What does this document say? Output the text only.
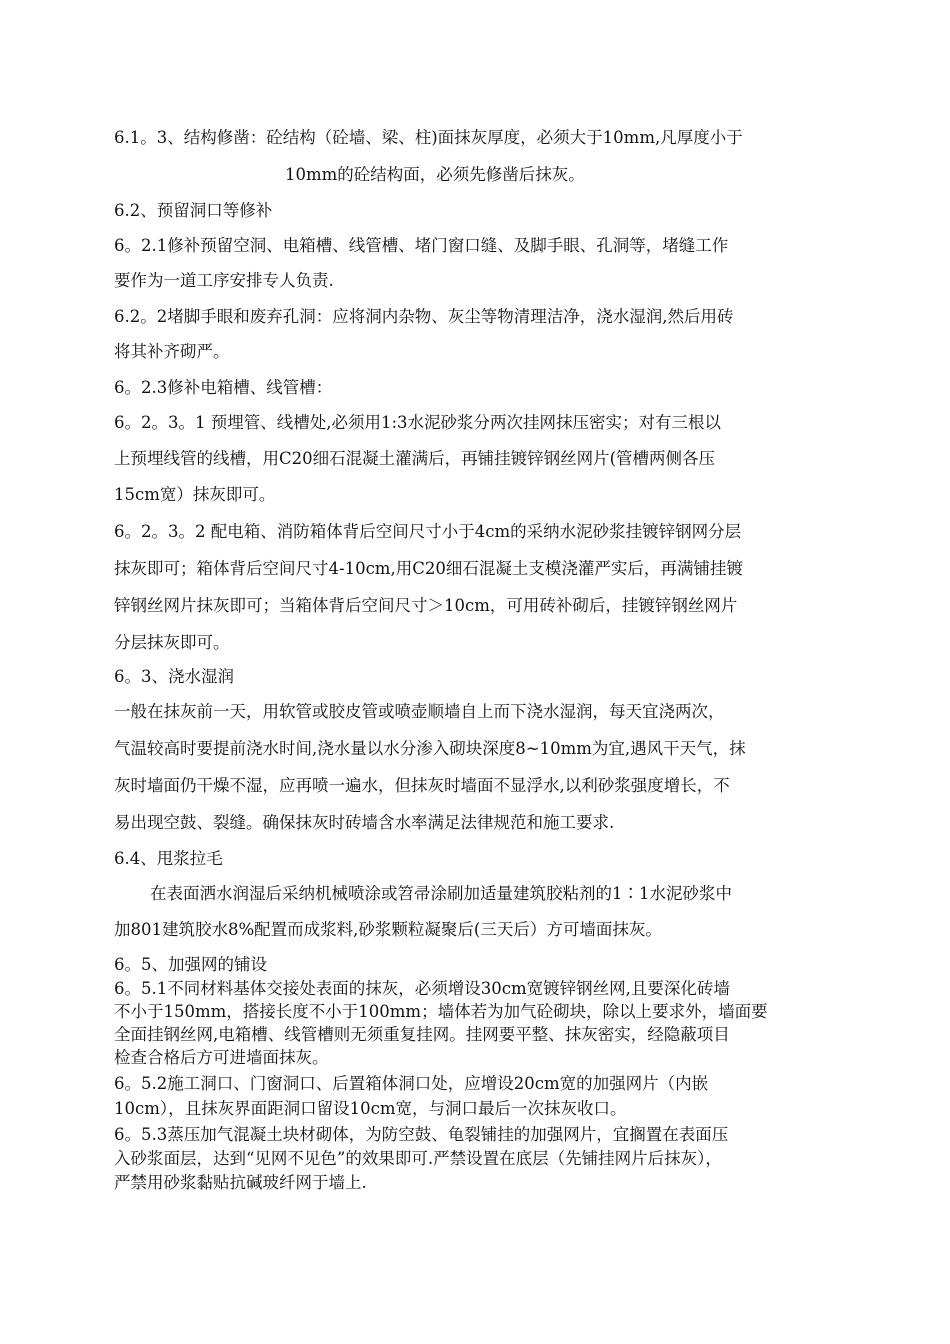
6.1。3、结构修凿：砼结构（砼墙、梁、柱)面抹灰厚度，必须大于10mm,凡厚度小于
10mm的砼结构面，必须先修凿后抹灰。
6.2、预留洞口等修补
6。2.1修补预留空洞、电箱槽、线管槽、堵门窗口缝、及脚手眼、孔洞等，堵缝工作
要作为一道工序安排专人负责.
6.2。2堵脚手眼和废弃孔洞：应将洞内杂物、灰尘等物清理洁净，浇水湿润,然后用砖
将其补齐砌严。
6。2.3修补电箱槽、线管槽：
6。2。3。1 预埋管、线槽处,必须用1:3水泥砂浆分两次挂网抹压密实；对有三根以
上预埋线管的线槽，用C20细石混凝土灌满后，再铺挂镀锌钢丝网片(管槽两侧各压
15cm宽）抹灰即可。
6。2。3。2 配电箱、消防箱体背后空间尺寸小于4cm的采纳水泥砂浆挂镀锌钢网分层
抹灰即可；箱体背后空间尺寸4-10cm,用C20细石混凝土支模浇灌严实后，再满铺挂镀
锌钢丝网片抹灰即可；当箱体背后空间尺寸＞10cm，可用砖补砌后，挂镀锌钢丝网片
分层抹灰即可。
6。3、浇水湿润
一般在抹灰前一天，用软管或胶皮管或喷壶顺墙自上而下浇水湿润，每天宜浇两次，
气温较高时要提前浇水时间,浇水量以水分渗入砌块深度8~10mm为宜,遇风干天气，抹
灰时墙面仍干燥不湿，应再喷一遍水，但抹灰时墙面不显浮水,以利砂浆强度增长，不
易出现空鼓、裂缝。确保抹灰时砖墙含水率满足法律规范和施工要求.
6.4、甩浆拉毛
在表面洒水润湿后采纳机械喷涂或笤帚涂刷加适量建筑胶粘剂的1∶1水泥砂浆中
加801建筑胶水8%配置而成浆料,砂浆颗粒凝聚后(三天后）方可墙面抹灰。
6。5、加强网的铺设
6。5.1不同材料基体交接处表面的抹灰，必须增设30cm宽镀锌钢丝网,且要深化砖墙
不小于150mm，搭接长度不小于100mm；墙体若为加气砼砌块，除以上要求外，墙面要
全面挂钢丝网,电箱槽、线管槽则无须重复挂网。挂网要平整、抹灰密实，经隐蔽项目
检查合格后方可进墙面抹灰。
6。5.2施工洞口、门窗洞口、后置箱体洞口处，应增设20cm宽的加强网片（内嵌
10cm），且抹灰界面距洞口留设10cm宽，与洞口最后一次抹灰收口。
6。5.3蒸压加气混凝土块材砌体，为防空鼓、龟裂铺挂的加强网片，宜搁置在表面压
入砂浆面层，达到“见网不见色”的效果即可.严禁设置在底层（先铺挂网片后抹灰），
严禁用砂浆黏贴抗碱玻纤网于墙上.
